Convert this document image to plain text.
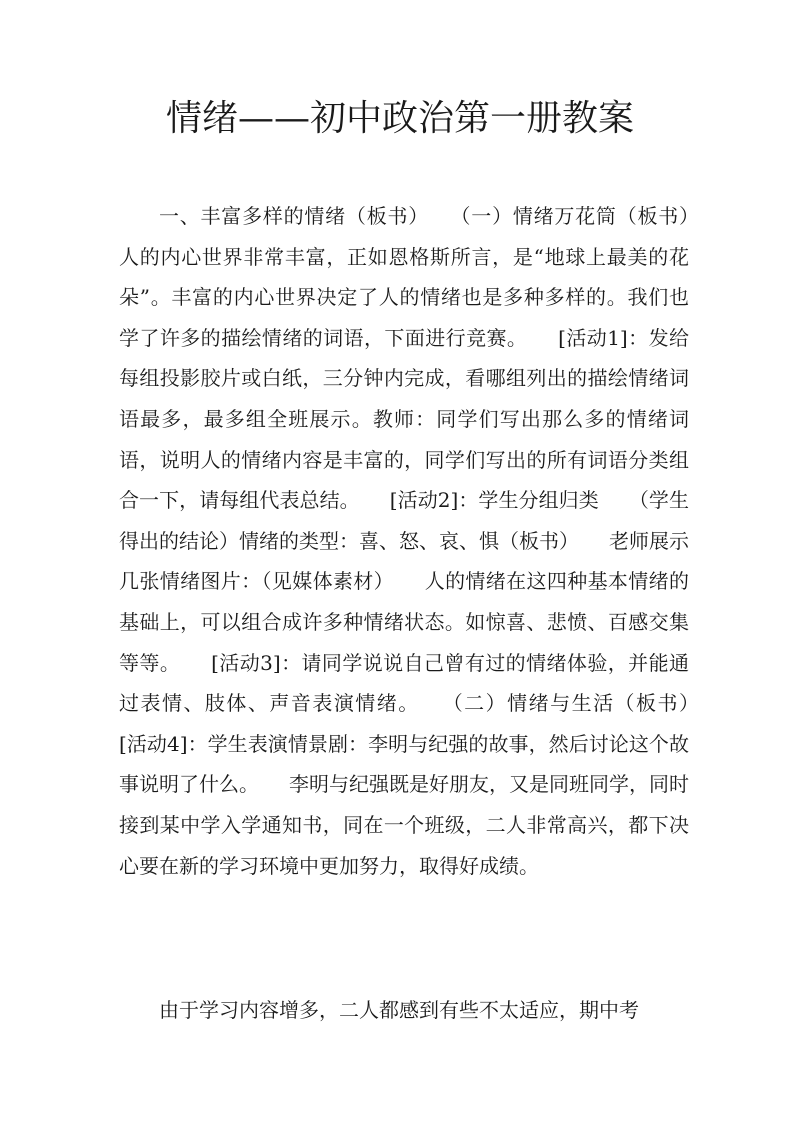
情绪——初中政治第一册教案

一、丰富多样的情绪（板书）　　（一）情绪万花筒（板书）　　人的内心世界非常丰富，正如恩格斯所言，是“地球上最美的花朵”。丰富的内心世界决定了人的情绪也是多种多样的。我们也学了许多的描绘情绪的词语，下面进行竞赛。　　[活动1]：发给每组投影胶片或白纸，三分钟内完成，看哪组列出的描绘情绪词语最多，最多组全班展示。教师：同学们写出那么多的情绪词语，说明人的情绪内容是丰富的，同学们写出的所有词语分类组合一下，请每组代表总结。　　[活动2]：学生分组归类　　（学生得出的结论）情绪的类型：喜、怒、哀、惧（板书）　　老师展示几张情绪图片：（见媒体素材）　　人的情绪在这四种基本情绪的基础上，可以组合成许多种情绪状态。如惊喜、悲愤、百感交集等等。　　[活动3]：请同学说说自己曾有过的情绪体验，并能通过表情、肢体、声音表演情绪。　　（二）情绪与生活（板书）　　[活动4]：学生表演情景剧：李明与纪强的故事，然后讨论这个故事说明了什么。　　李明与纪强既是好朋友，又是同班同学，同时接到某中学入学通知书，同在一个班级，二人非常高兴，都下决心要在新的学习环境中更加努力，取得好成绩。

由于学习内容增多，二人都感到有些不太适应，期中考
